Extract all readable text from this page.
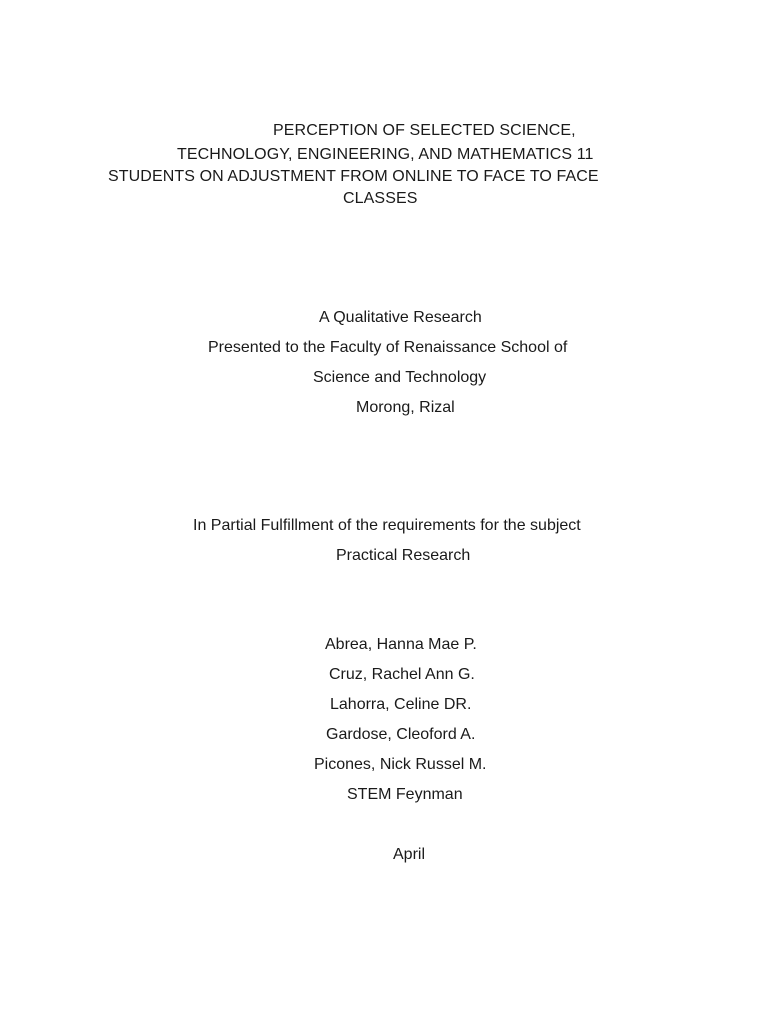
PERCEPTION OF SELECTED SCIENCE,
TECHNOLOGY, ENGINEERING, AND MATHEMATICS 11
STUDENTS ON ADJUSTMENT FROM ONLINE TO FACE TO FACE
CLASSES
A Qualitative Research
Presented to the Faculty of Renaissance School of
Science and Technology
Morong, Rizal
In Partial Fulfillment of the requirements for the subject
Practical Research
Abrea, Hanna Mae P.
Cruz, Rachel Ann G.
Lahorra, Celine DR.
Gardose, Cleoford A.
Picones, Nick Russel M.
STEM Feynman
April
